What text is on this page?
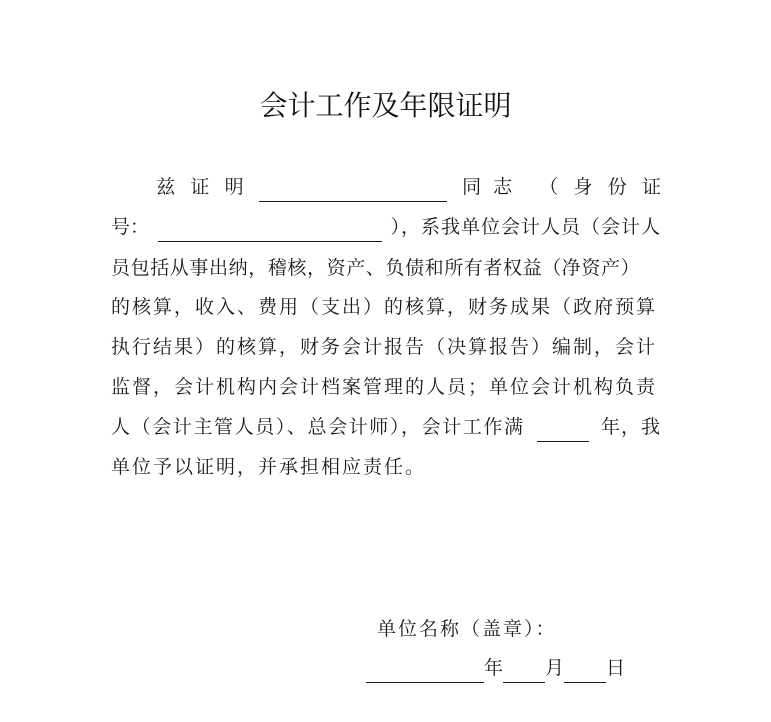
会计工作及年限证明
兹 证 明	同志 （ 身 份 证
号：	），系我单位会计人员（会计人
员包括从事出纳，稽核，资产、负债和所有者权益（净资产）
的核算，收入、费用（支出）的核算，财务成果（政府预算
执行结果）的核算，财务会计报告（决算报告）编制，会计
监督，会计机构内会计档案管理的人员；单位会计机构负责
人（会计主管人员）、总会计师），会计工作满	年，我
单位予以证明，并承担相应责任。
单位名称（盖章）：
年 月 日
